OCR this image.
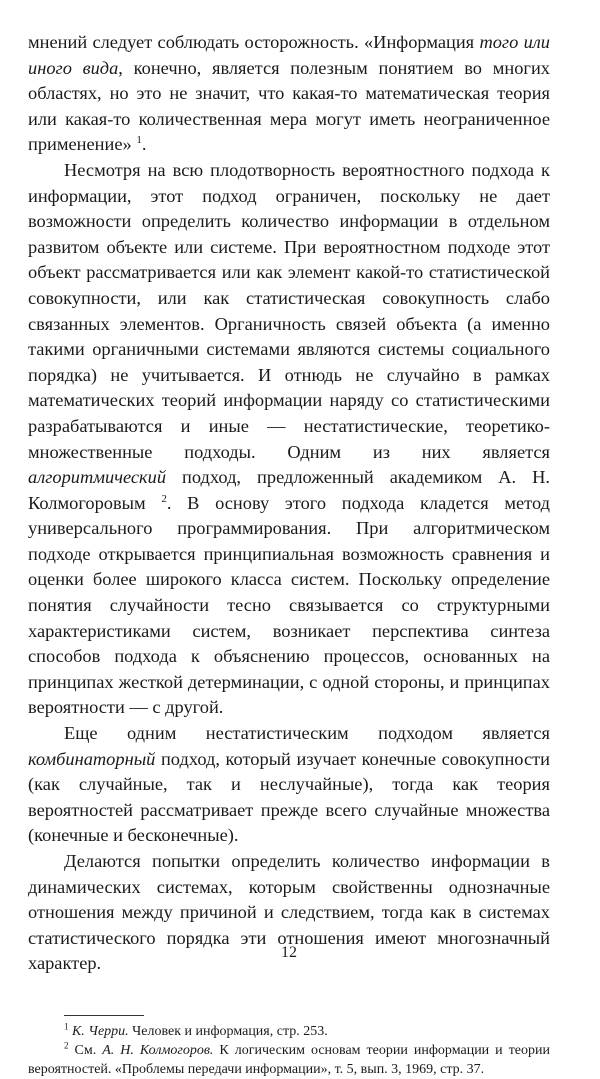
мнений следует соблюдать осторожность. «Информация того или иного вида, конечно, является полезным понятием во многих областях, но это не значит, что какая-то математическая теория или какая-то количественная мера могут иметь неограниченное применение» $^1$.

Несмотря на всю плодотворность вероятностного подхода к информации, этот подход ограничен, поскольку не дает возможности определить количество информации в отдельном развитом объекте или системе. При вероятностном подходе этот объект рассматривается или как элемент какой-то статистической совокупности, или как статистическая совокупность слабо связанных элементов. Органичность связей объекта (а именно такими органичными системами являются системы социального порядка) не учитывается. И отнюдь не случайно в рамках математических теорий информации наряду со статистическими разрабатываются и иные — нестатистические, теоретико-множественные подходы. Одним из них является алгоритмический подход, предложенный академиком А. Н. Колмогоровым $^2$. В основу этого подхода кладется метод универсального программирования. При алгоритмическом подходе открывается принципиальная возможность сравнения и оценки более широкого класса систем. Поскольку определение понятия случайности тесно связывается со структурными характеристиками систем, возникает перспектива синтеза способов подхода к объяснению процессов, основанных на принципах жесткой детерминации, с одной стороны, и принципах вероятности — с другой.

Еще одним нестатистическим подходом является комбинаторный подход, который изучает конечные совокупности (как случайные, так и неслучайные), тогда как теория вероятностей рассматривает прежде всего случайные множества (конечные и бесконечные).

Делаются попытки определить количество информации в динамических системах, которым свойственны однозначные отношения между причиной и следствием, тогда как в системах статистического порядка эти отношения имеют многозначный характер.

$^1$ К. Черри. Человек и информация, стр. 253.

$^2$ См. А. Н. Колмогоров. К логическим основам теории информации и теории вероятностей. «Проблемы передачи информации», т. 5, вып. 3, 1969, стр. 37.

12
